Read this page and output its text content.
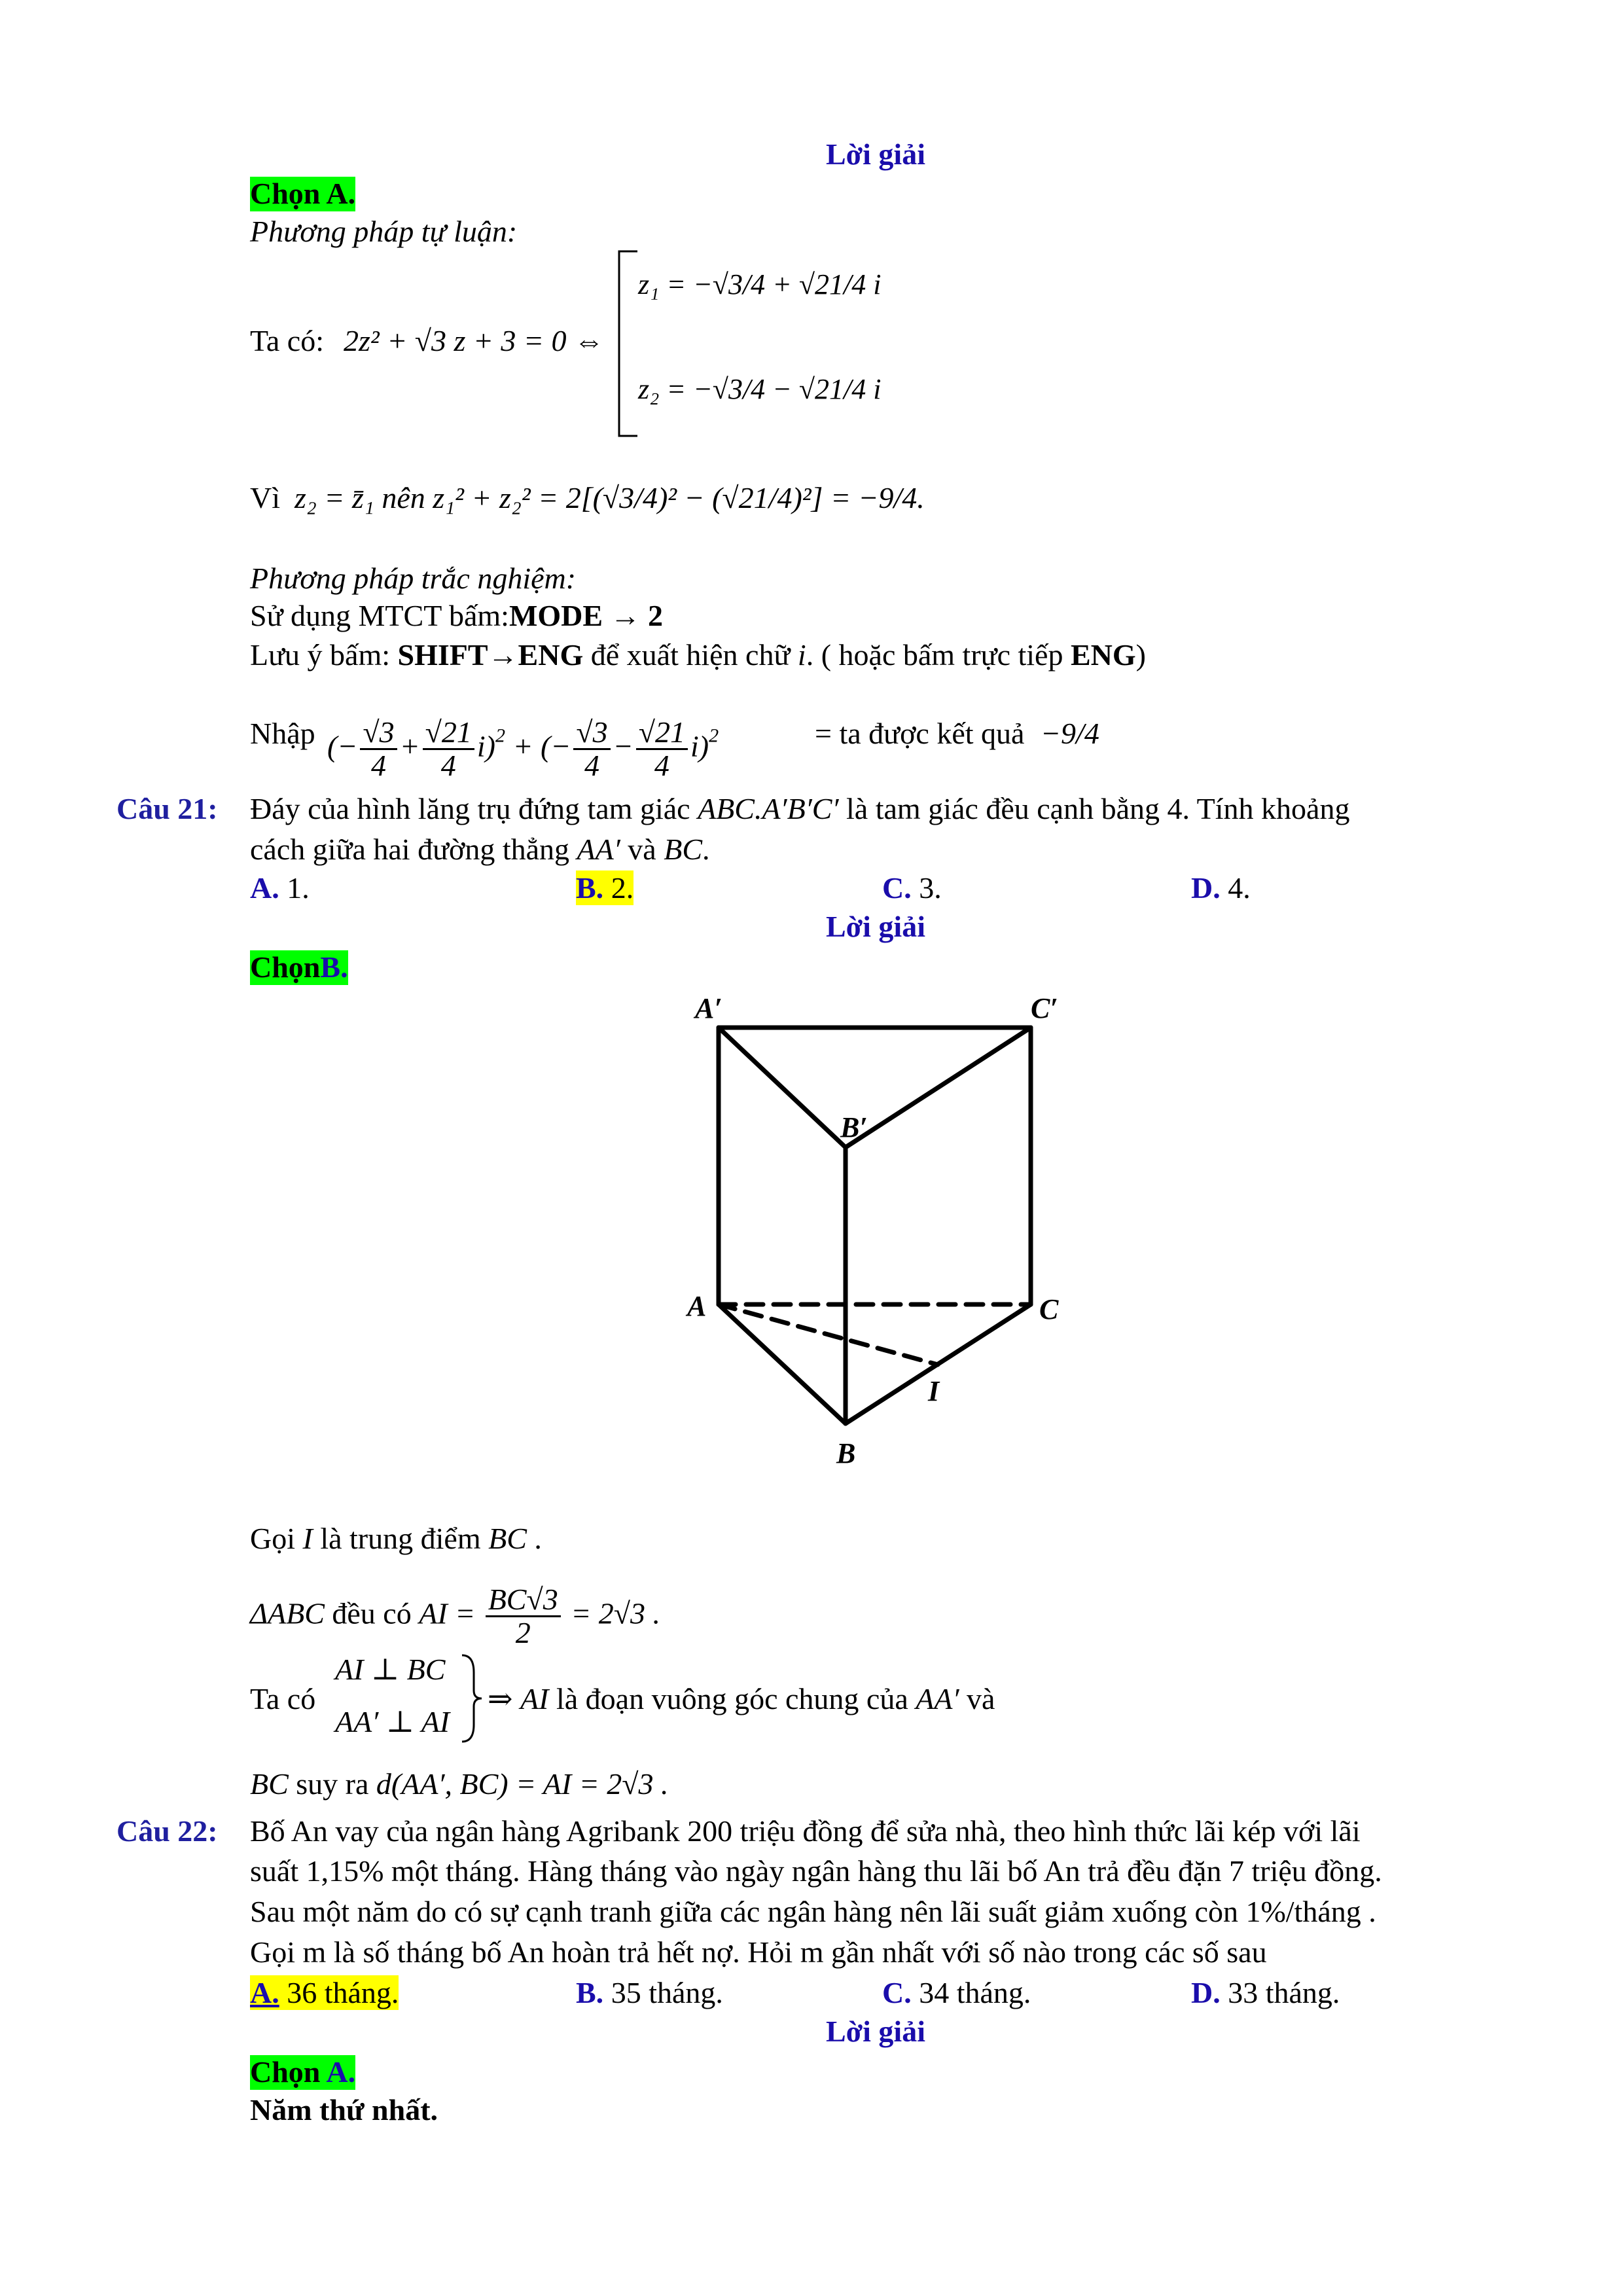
Lời giải
Chọn A.
Phương pháp tự luận:
Ta có: 2z² + √3 z + 3 = 0 ⇔
z₁ = −√3/4 + √21/4 i
z₂ = −√3/4 − √21/4 i
Vì z₂ = z̄₁ nên z₁² + z₂² = 2[(√3/4)² − (√21/4)²] = −9/4.
Phương pháp trắc nghiệm:
Sử dụng MTCT bấm:MODE → 2
Lưu ý bấm: SHIFT→ENG để xuất hiện chữ i. ( hoặc bấm trực tiếp ENG)
Nhập (− $\frac{√3}{4} + \frac{√21}{4} i)^2$ + (− $\frac{√3}{4} - \frac{√21}{4} i)^2$	= ta được kết quả −9/4
Câu 21: Đáy của hình lăng trụ đứng tam giác ABC.A′B′C′ là tam giác đều cạnh bằng 4. Tính khoảng
cách giữa hai đường thẳng AA′ và BC.
A. 1.	B. 2.	C. 3.	D. 4.
Lời giải
ChọnB.
A′	C′
B′
A	C
I
B
Gọi I là trung điểm BC .
ΔABC đều có AI = $\frac{BC√3}{2} = 2√3$ .
Ta có
AI ⊥ BC
AA′ ⊥ AI
⇒ AI là đoạn vuông góc chung của AA′ và
BC suy ra d(AA′, BC) = AI = 2√3 .
Câu 22: Bố An vay của ngân hàng Agribank 200 triệu đồng để sửa nhà, theo hình thức lãi kép với lãi
suất 1,15% một tháng. Hàng tháng vào ngày ngân hàng thu lãi bố An trả đều đặn 7 triệu đồng.
Sau một năm do có sự cạnh tranh giữa các ngân hàng nên lãi suất giảm xuống còn 1%/tháng .
Gọi m là số tháng bố An hoàn trả hết nợ. Hỏi m gần nhất với số nào trong các số sau
A. 36 tháng.	B. 35 tháng.	C. 34 tháng.	D. 33 tháng.
Lời giải
Chọn A.
Năm thứ nhất.
